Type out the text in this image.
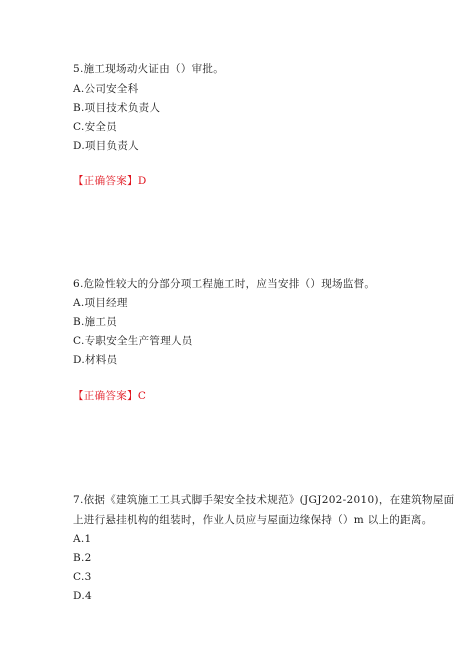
5.施工现场动火证由（）审批。
A.公司安全科
B.项目技术负责人
C.安全员
D.项目负责人
【正确答案】D
6.危险性较大的分部分项工程施工时，应当安排（）现场监督。
A.项目经理
B.施工员
C.专职安全生产管理人员
D.材料员
【正确答案】C
7.依据《建筑施工工具式脚手架安全技术规范》(JGJ202-2010)，在建筑物屋面
上进行悬挂机构的组装时，作业人员应与屋面边缘保持（）m 以上的距离。
A.1
B.2
C.3
D.4
